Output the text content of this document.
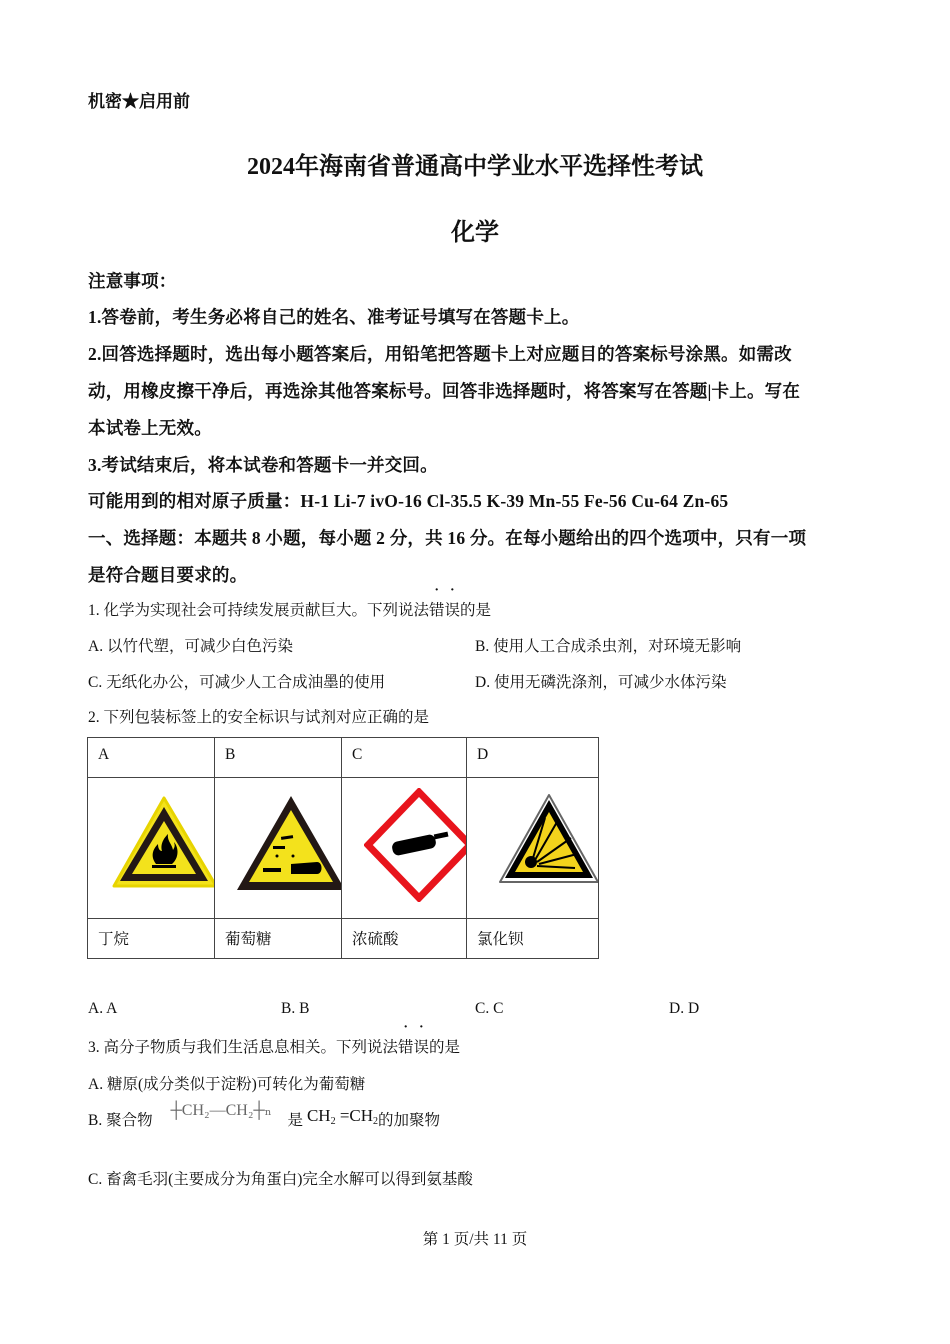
机密★启用前
2024年海南省普通高中学业水平选择性考试
化学
注意事项：
1.答卷前，考生务必将自己的姓名、准考证号填写在答题卡上。
2.回答选择题时，选出每小题答案后，用铅笔把答题卡上对应题目的答案标号涂黑。如需改
动，用橡皮擦干净后，再选涂其他答案标号。回答非选择题时，将答案写在答题|卡上。写在
本试卷上无效。
3.考试结束后，将本试卷和答题卡一并交回。
可能用到的相对原子质量：H-1 Li-7 ivO-16 Cl-35.5 K-39 Mn-55 Fe-56 Cu-64 Zn-65
一、选择题：本题共 8 小题，每小题 2 分，共 16 分。在每小题给出的四个选项中，只有一项
是符合题目要求的。
1. 化学为实现社会可持续发展贡献巨大。下列说法错误的是
A. 以竹代塑，可减少白色污染	B. 使用人工合成杀虫剂，对环境无影响
C. 无纸化办公，可减少人工合成油墨的使用	D. 使用无磷洗涤剂，可减少水体污染
2. 下列包装标签上的安全标识与试剂对应正确的是
A	B	C	D

丁烷	葡萄糖	浓硫酸	氯化钡
A. A	B. B	C. C	D. D
3. 高分子物质与我们生活息息相关。下列说法错误的是
A. 糖原(成分类似于淀粉)可转化为葡萄糖
B. 聚合物 ┼CH₂—CH₂┼ₙ 是 $CH_2 =CH_2$的加聚物
C. 畜禽毛羽(主要成分为角蛋白)完全水解可以得到氨基酸
第 1 页/共 11 页
